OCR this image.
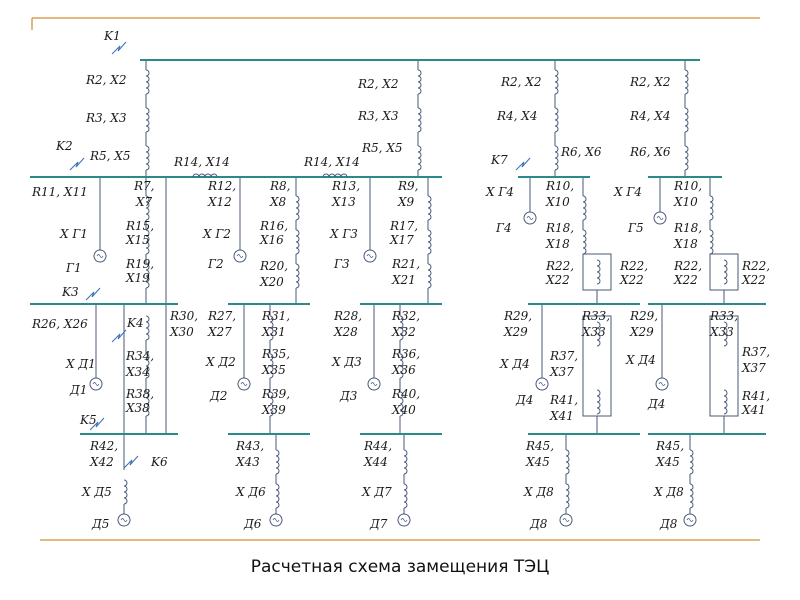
K1
K2
K3
K4
K5
K6
K7
R2, X2
R3, X3
R5, X5
R2, X2
R3, X3
R5, X5
R2, X2
R4, X4
R6, X6
R2, X2
R4, X4
R6, X6
R14, X14	R14, X14
R11, X11
X Г1
Г1
R7,
X7
R15,
X15
R19,
X19
R12,
X12
X Г2
Г2
R8,
X8
R16,
X16
R20,
X20
R13,
X13
X Г3
Г3
R9,
X9
R17,
X17
R21,
X21
X Г4
Г4
R10,
X10
R18,
X18
R22,
X22
R22,
X22
X Г4
Г5
R10,
X10
R18,
X18
R22,
X22
R22,
X22
R26, X26
X Д1
Д1
R34,
X34
R38,
X38
R30,
X30
R27,
X27
X Д2
Д2
R31,
X31
R35,
X35
R39,
X39
R28,
X28
X Д3
Д3
R32,
X32
R36,
X36
R40,
X40
R29,
X29
X Д4
Д4
R33,
X33
R37,
X37
R41,
X41
R29,
X29
X Д4
Д4
R33,
X33
R37,
X37
R41,
X41
R42,
X42
X Д5
Д5
R43,
X43
X Д6
Д6
R44,
X44
X Д7
Д7
R45,
X45
X Д8
Д8
R45,
X45
X Д8
Д8
Расчетная схема замещения ТЭЦ
